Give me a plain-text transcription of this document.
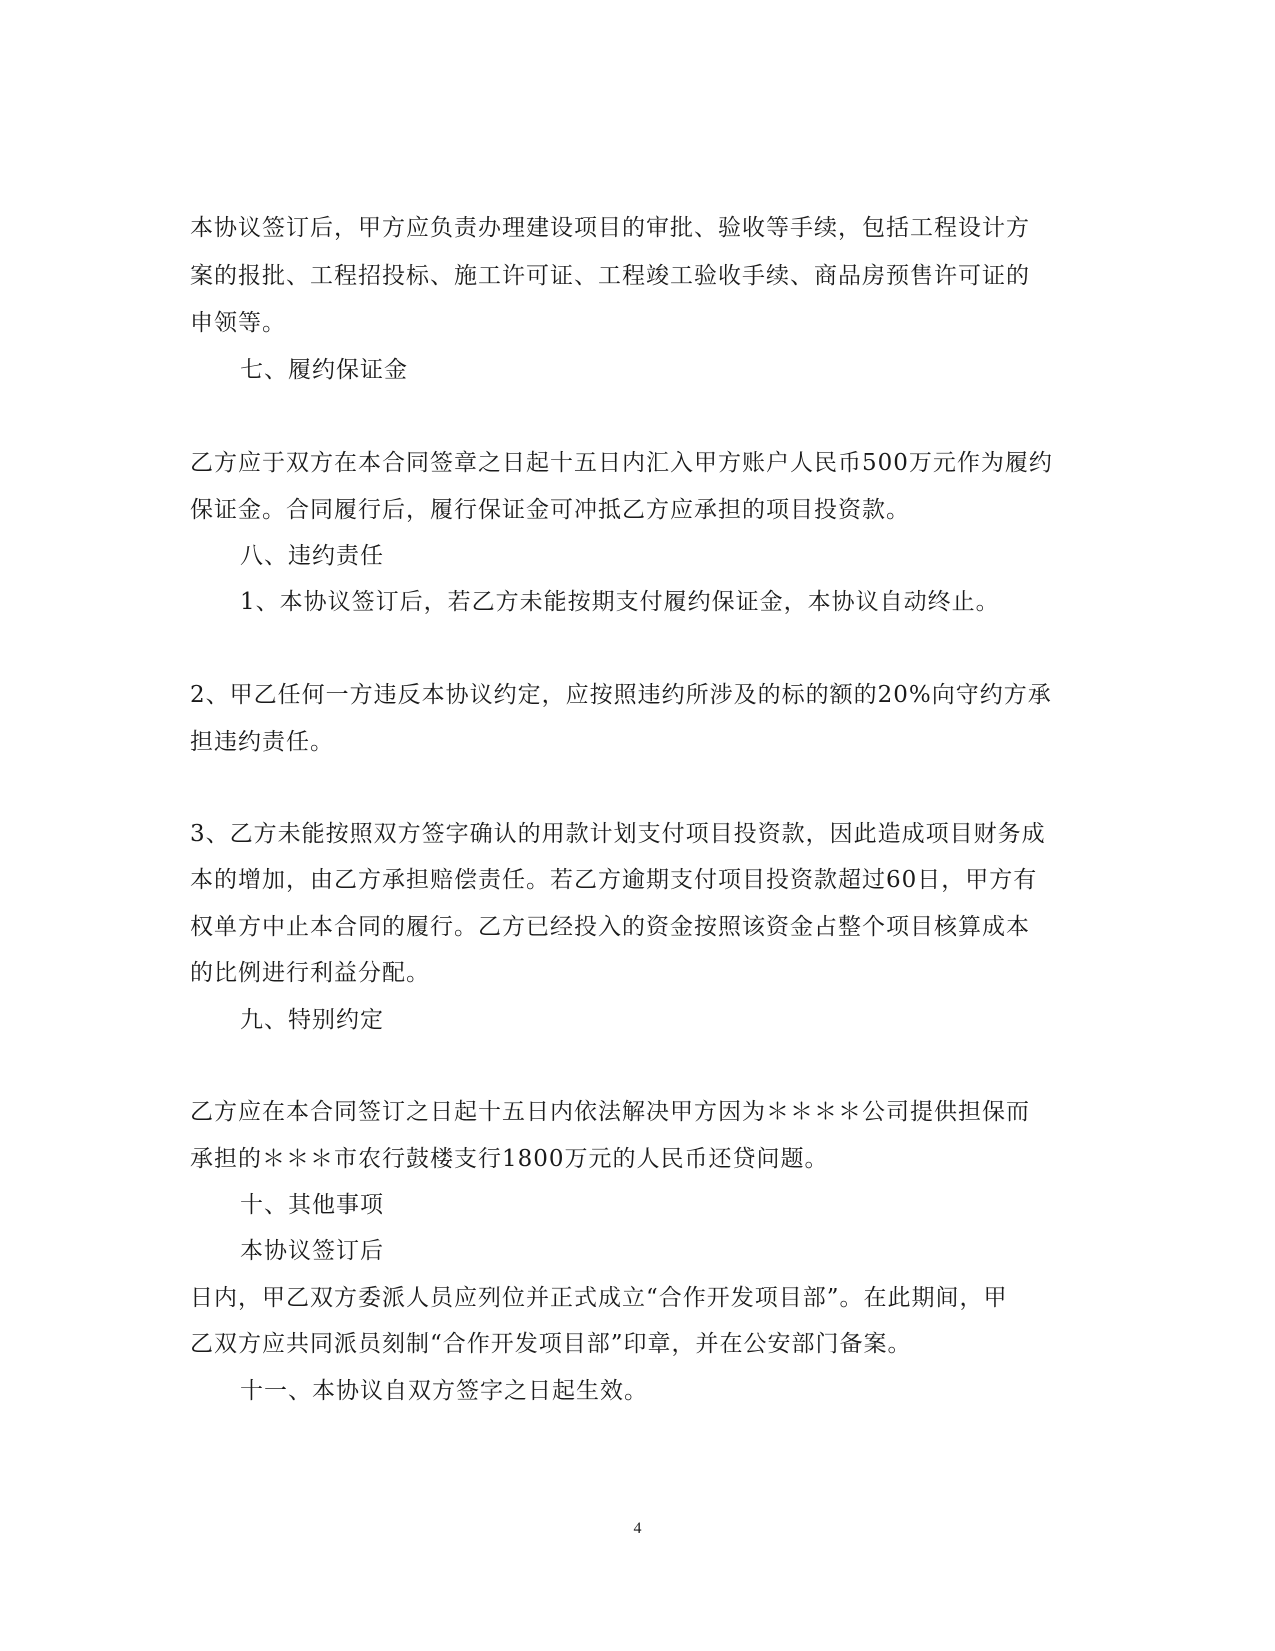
本协议签订后，甲方应负责办理建设项目的审批、验收等手续，包括工程设计方
案的报批、工程招投标、施工许可证、工程竣工验收手续、商品房预售许可证的
申领等。
七、履约保证金
乙方应于双方在本合同签章之日起十五日内汇入甲方账户人民币500万元作为履约
保证金。合同履行后，履行保证金可冲抵乙方应承担的项目投资款。
八、违约责任
1、本协议签订后，若乙方未能按期支付履约保证金，本协议自动终止。
2、甲乙任何一方违反本协议约定，应按照违约所涉及的标的额的20%向守约方承
担违约责任。
3、乙方未能按照双方签字确认的用款计划支付项目投资款，因此造成项目财务成
本的增加，由乙方承担赔偿责任。若乙方逾期支付项目投资款超过60日，甲方有
权单方中止本合同的履行。乙方已经投入的资金按照该资金占整个项目核算成本
的比例进行利益分配。
九、特别约定
乙方应在本合同签订之日起十五日内依法解决甲方因为＊＊＊＊公司提供担保而
承担的＊＊＊市农行鼓楼支行1800万元的人民币还贷问题。
十、其他事项
本协议签订后
日内，甲乙双方委派人员应列位并正式成立“合作开发项目部”。在此期间，甲
乙双方应共同派员刻制“合作开发项目部”印章，并在公安部门备案。
十一、本协议自双方签字之日起生效。
4
